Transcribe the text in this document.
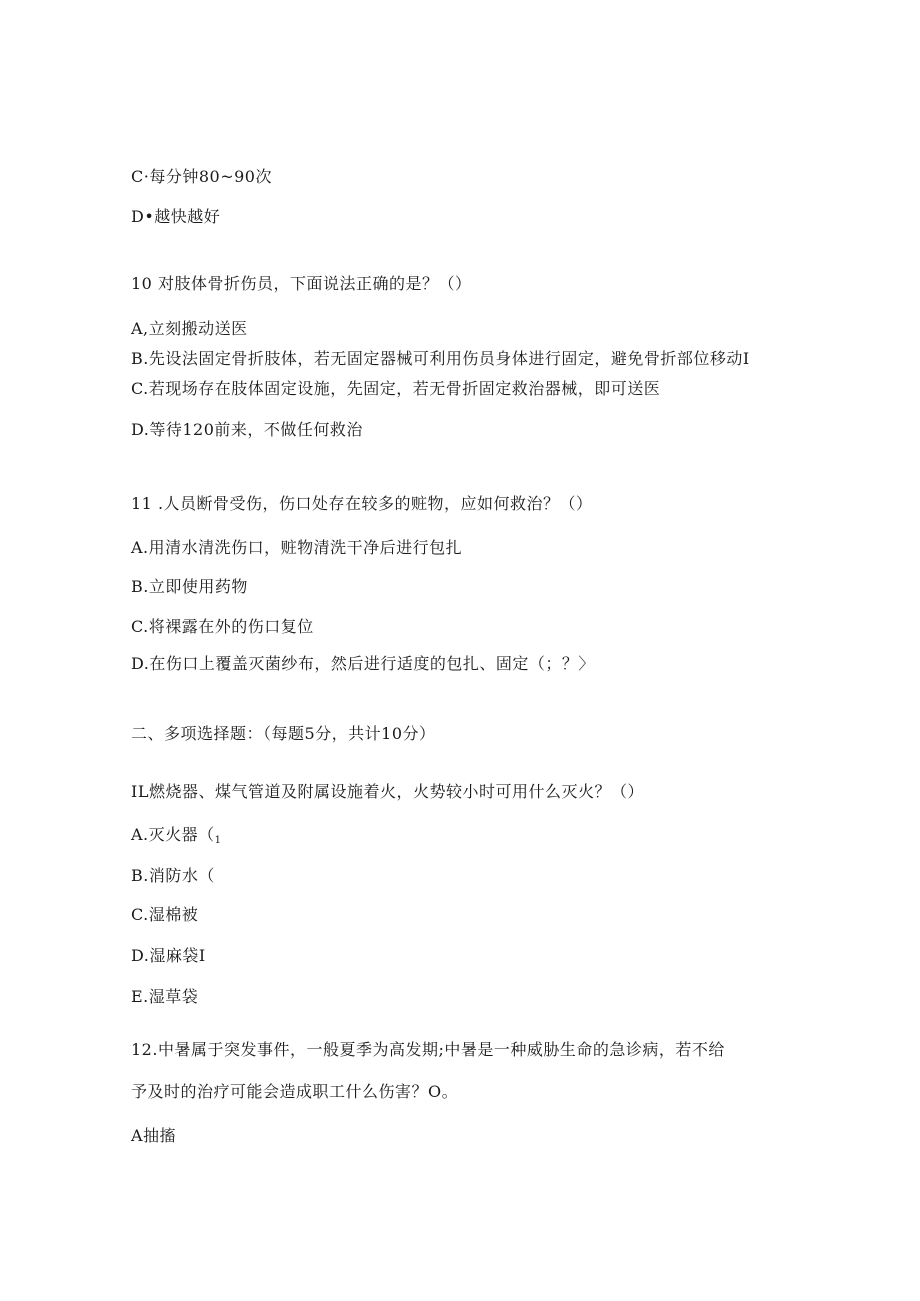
C·每分钟80~90次
D•越快越好
10 对肢体骨折伤员，下面说法正确的是？（）
A,立刻搬动送医
B.先设法固定骨折肢体，若无固定器械可利用伤员身体进行固定，避免骨折部位移动I
C.若现场存在肢体固定设施，先固定，若无骨折固定救治器械，即可送医
D.等待120前来，不做任何救治
11 .人员断骨受伤，伤口处存在较多的赃物，应如何救治？（）
A.用清水清洗伤口，赃物清洗干净后进行包扎
B.立即使用药物
C.将裸露在外的伤口复位
D.在伤口上覆盖灭菌纱布，然后进行适度的包扎、固定（；？〉
二、多项选择题：（每题5分，共计10分）
IL燃烧器、煤气管道及附属设施着火，火势较小时可用什么灭火？（）
A.灭火器（1
B.消防水（
C.湿棉被
D.湿麻袋I
E.湿草袋
12.中暑属于突发事件，一般夏季为高发期;中暑是一种威胁生命的急诊病，若不给
予及时的治疗可能会造成职工什么伤害？O。
A抽搐
